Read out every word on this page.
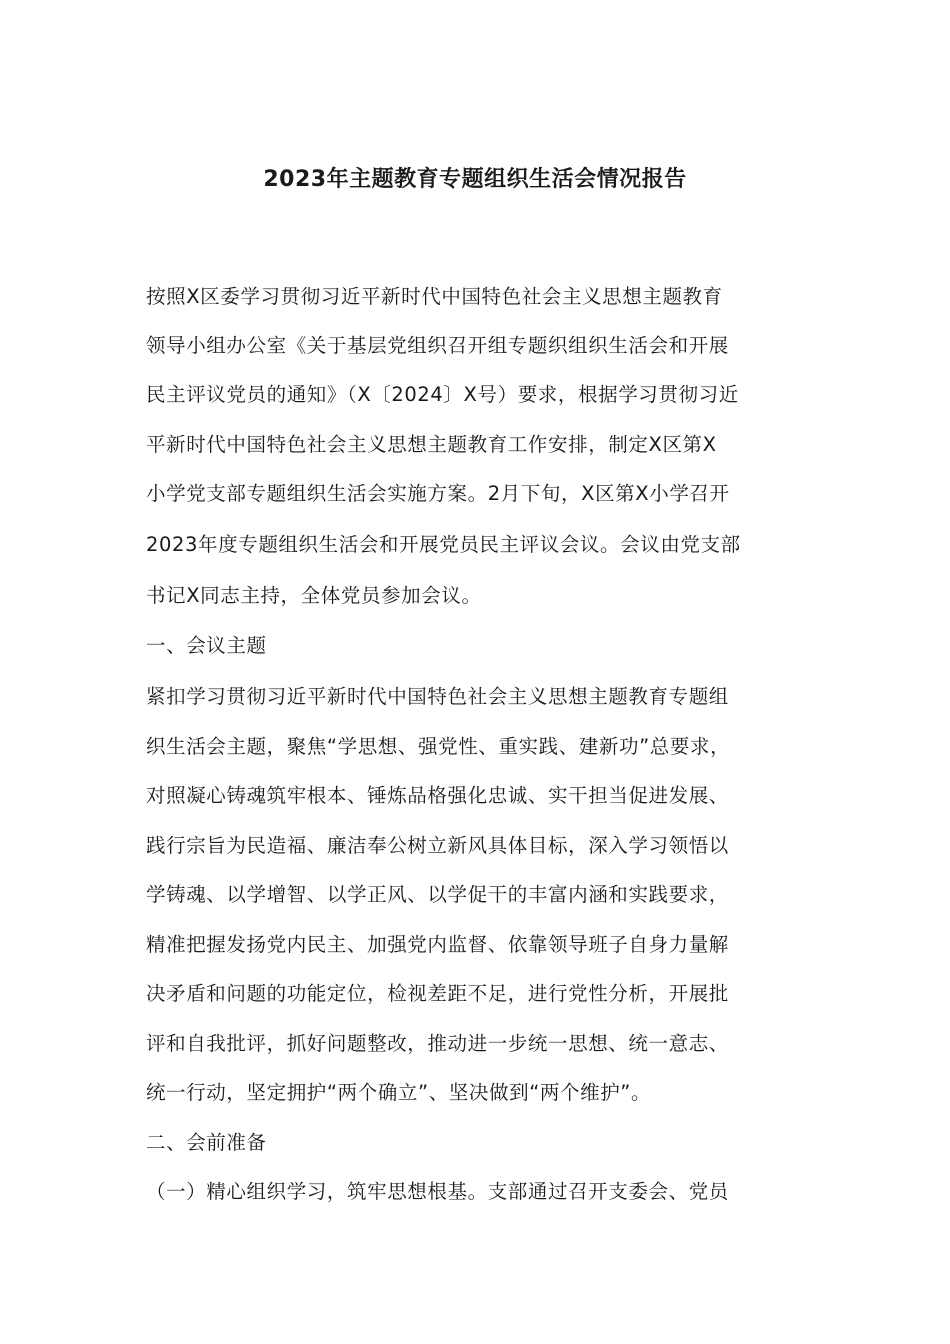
2023年主题教育专题组织生活会情况报告

按照X区委学习贯彻习近平新时代中国特色社会主义思想主题教育

领导小组办公室《关于基层党组织召开组专题织组织生活会和开展

民主评议党员的通知》（X〔2024〕X号）要求，根据学习贯彻习近

平新时代中国特色社会主义思想主题教育工作安排，制定X区第X

小学党支部专题组织生活会实施方案。2月下旬，X区第X小学召开

2023年度专题组织生活会和开展党员民主评议会议。会议由党支部

书记X同志主持，全体党员参加会议。

一、会议主题

紧扣学习贯彻习近平新时代中国特色社会主义思想主题教育专题组

织生活会主题，聚焦“学思想、强党性、重实践、建新功”总要求，

对照凝心铸魂筑牢根本、锤炼品格强化忠诚、实干担当促进发展、

践行宗旨为民造福、廉洁奉公树立新风具体目标，深入学习领悟以

学铸魂、以学增智、以学正风、以学促干的丰富内涵和实践要求，

精准把握发扬党内民主、加强党内监督、依靠领导班子自身力量解

决矛盾和问题的功能定位，检视差距不足，进行党性分析，开展批

评和自我批评，抓好问题整改，推动进一步统一思想、统一意志、

统一行动，坚定拥护“两个确立”、坚决做到“两个维护”。

二、会前准备

（一）精心组织学习，筑牢思想根基。支部通过召开支委会、党员
